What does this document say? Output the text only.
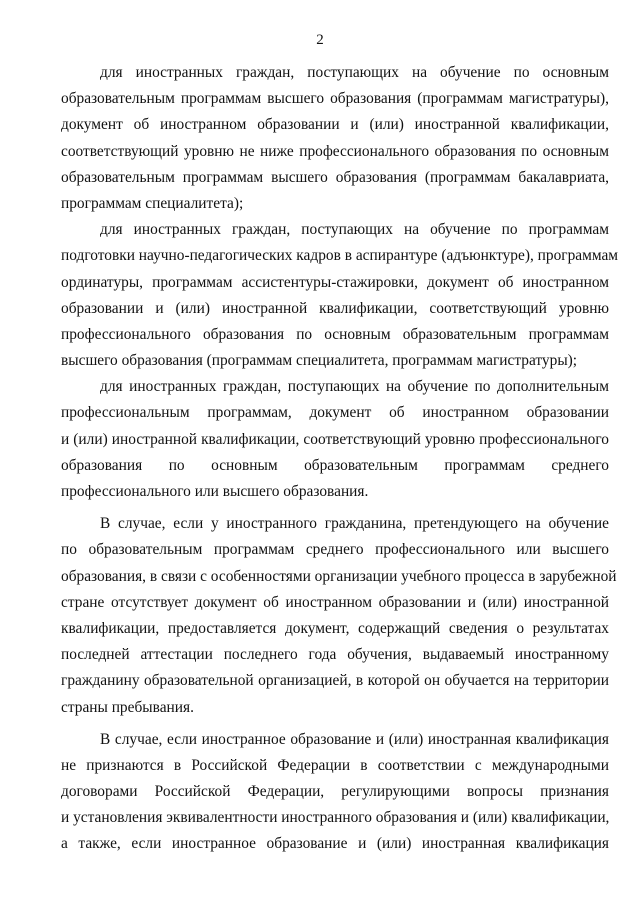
2
для иностранных граждан, поступающих на обучение по основным
образовательным программам высшего образования (программам магистратуры),
документ об иностранном образовании и (или) иностранной квалификации,
соответствующий уровню не ниже профессионального образования по основным
образовательным программам высшего образования (программам бакалавриата,
программам специалитета);
для иностранных граждан, поступающих на обучение по программам
подготовки научно-педагогических кадров в аспирантуре (адъюнктуре), программам
ординатуры, программам ассистентуры-стажировки, документ об иностранном
образовании и (или) иностранной квалификации, соответствующий уровню
профессионального образования по основным образовательным программам
высшего образования (программам специалитета, программам магистратуры);
для иностранных граждан, поступающих на обучение по дополнительным
профессиональным программам, документ об иностранном образовании
и (или) иностранной квалификации, соответствующий уровню профессионального
образования по основным образовательным программам среднего
профессионального или высшего образования.
В случае, если у иностранного гражданина, претендующего на обучение
по образовательным программам среднего профессионального или высшего
образования, в связи с особенностями организации учебного процесса в зарубежной
стране отсутствует документ об иностранном образовании и (или) иностранной
квалификации, предоставляется документ, содержащий сведения о результатах
последней аттестации последнего года обучения, выдаваемый иностранному
гражданину образовательной организацией, в которой он обучается на территории
страны пребывания.
В случае, если иностранное образование и (или) иностранная квалификация
не признаются в Российской Федерации в соответствии с международными
договорами Российской Федерации, регулирующими вопросы признания
и установления эквивалентности иностранного образования и (или) квалификации,
а также, если иностранное образование и (или) иностранная квалификация
